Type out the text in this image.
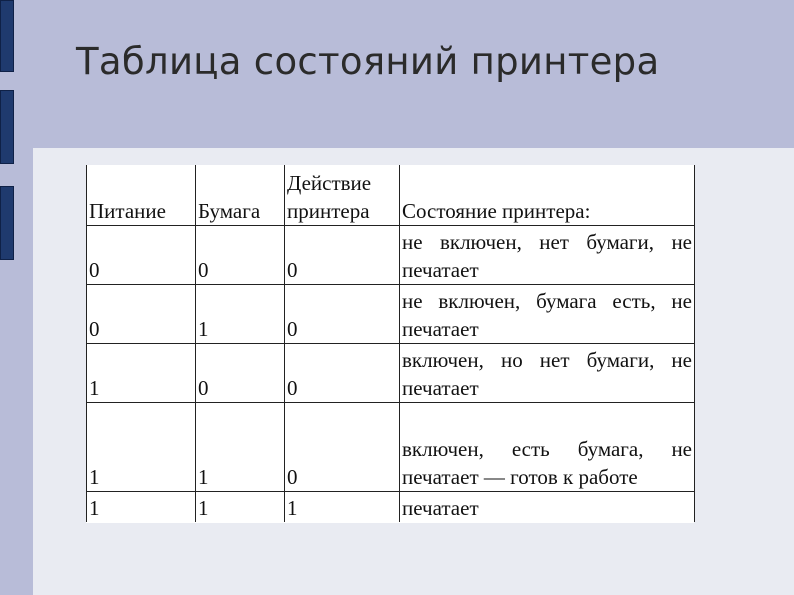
Таблица состояний принтера
Питание	Бумага	Действие принтера	Состояние принтера:
0	0	0	не включен, нет бумаги, не печатает
0	1	0	не включен, бумага есть, не печатает
1	0	0	включен, но нет бумаги, не печатает
1	1	0	включен, есть бумага, не печатает — готов к работе
1	1	1	печатает
